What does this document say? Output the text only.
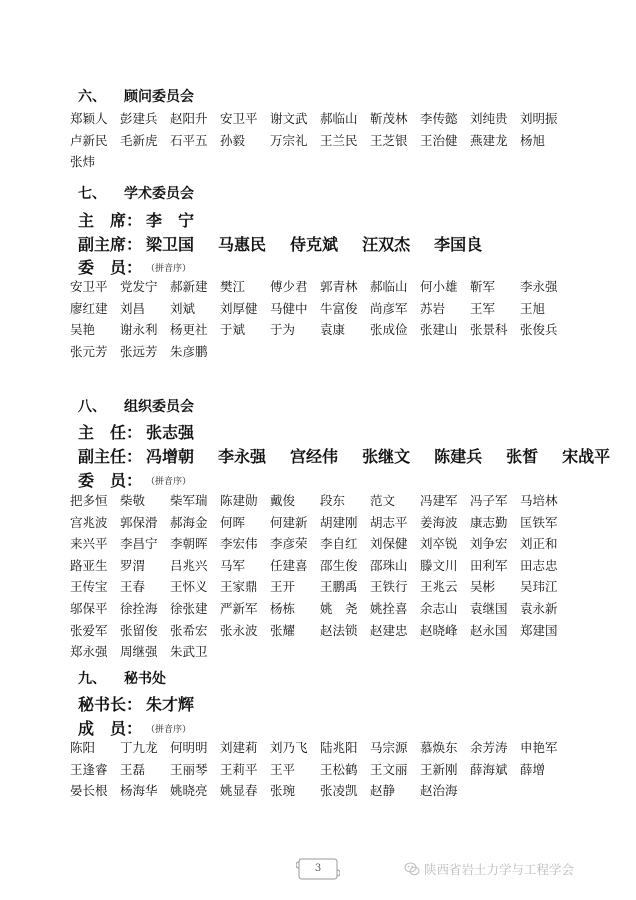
六、 顾问委员会
郑颖人 彭建兵 赵阳升 安卫平 谢文武 郝临山 靳茂林 李传懿 刘纯贵 刘明振
卢新民 毛新虎 石平五 孙毅 万宗礼 王兰民 王芝银 王治健 燕建龙 杨旭
张炜
七、 学术委员会
主　席： 李　宁
副主席： 梁卫国 马惠民 侍克斌 汪双杰 李国良
委　员： （拼音序）
安卫平 党发宁 郝新建 樊江 傅少君 郭青林 郝临山 何小雄 靳军 李永强
廖红建 刘昌 刘斌 刘厚健 马健中 牛富俊 尚彦军 苏岩 王军 王旭
吴艳 谢永利 杨更社 于斌 于为 袁康 张成俭 张建山 张景科 张俊兵
张元芳 张远芳 朱彦鹏
八、 组织委员会
主　任： 张志强
副主任： 冯增朝 李永强 宫经伟 张继文 陈建兵 张皙 宋战平
委　员： （拼音序）
把多恒 柴敬 柴军瑞 陈建勋 戴俊 段东 范文 冯建军 冯子军 马培林
宫兆波 郭保滑 郝海金 何晖 何建新 胡建刚 胡志平 姜海波 康志勤 匡铁军
来兴平 李昌宁 李朝晖 李宏伟 李彦荣 李自红 刘保健 刘卒锐 刘争宏 刘正和
路亚生 罗渭 吕兆兴 马军 任建喜 邵生俊 邵珠山 滕文川 田利军 田志忠
王传宝 王春 王怀义 王家鼎 王开 王鹏禹 王铁行 王兆云 吴彬 吴玮江
邬保平 徐拴海 徐张建 严新军 杨栋 姚　尧 姚拴喜 余志山 袁继国 袁永新
张爱军 张留俊 张希宏 张永波 张耀 赵法锁 赵建忠 赵晓峰 赵永国 郑建国
郑永强 周继强 朱武卫
九、 秘书处
秘书长： 朱才辉
成　员： （拼音序）
陈阳 丁九龙 何明明 刘建莉 刘乃飞 陆兆阳 马宗源 慕焕东 余芳涛 申艳军
王逢睿 王磊 王丽琴 王莉平 王平 王松鹤 王文丽 王新刚 薛海斌 薛增
晏长根 杨海华 姚晓亮 姚显春 张琬 张凌凯 赵静 赵治海
3	陕西省岩土力学与工程学会
